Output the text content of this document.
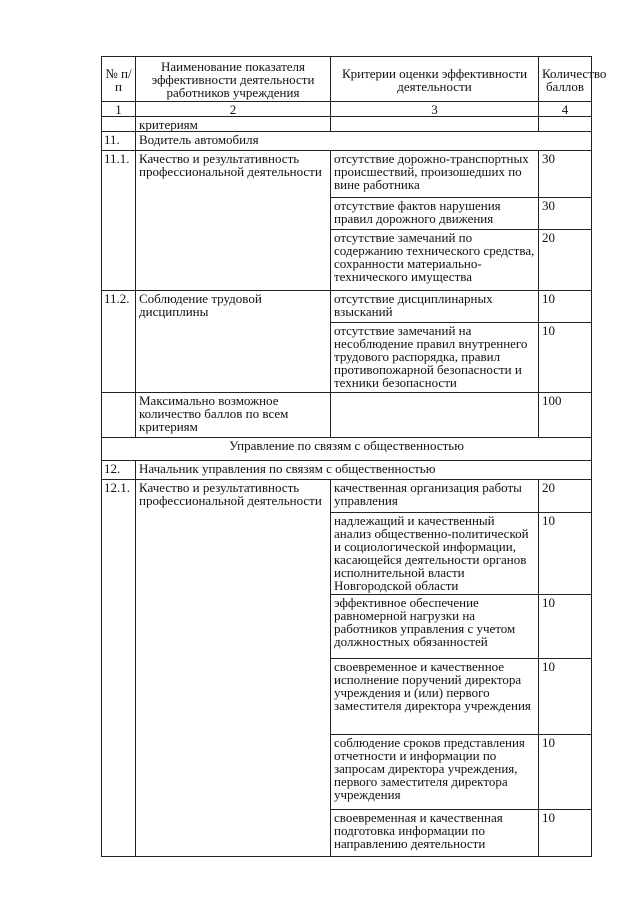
№ п/п	Наименование показателя эффективности деятельности работников учреждения	Критерии оценки эффективности деятельности	Количество баллов
1	2	3	4
	критериям		
11.	Водитель автомобиля		
11.1.	Качество и результативность профессиональной деятельности	отсутствие дорожно-транспортных происшествий, произошедших по вине работника	30
		отсутствие фактов нарушения правил дорожного движения	30
		отсутствие замечаний по содержанию технического средства, сохранности материально-технического имущества	20
11.2.	Соблюдение трудовой дисциплины	отсутствие дисциплинарных взысканий	10
		отсутствие замечаний на несоблюдение правил внутреннего трудового распорядка, правил противопожарной безопасности и техники безопасности	10
	Максимально возможное количество баллов по всем критериям		100
Управление по связям с общественностью			
12.	Начальник управления по связям с общественностью		
12.1.	Качество и результативность профессиональной деятельности	качественная организация работы управления	20
		надлежащий и качественный анализ общественно-политической и социологической информации, касающейся деятельности органов исполнительной власти Новгородской области	10
		эффективное обеспечение равномерной нагрузки на работников управления с учетом должностных обязанностей	10
		своевременное и качественное исполнение поручений директора учреждения и (или) первого заместителя директора учреждения	10
		соблюдение сроков представления отчетности и информации по запросам директора учреждения, первого заместителя директора учреждения	10
		своевременная и качественная подготовка информации по направлению деятельности	10
